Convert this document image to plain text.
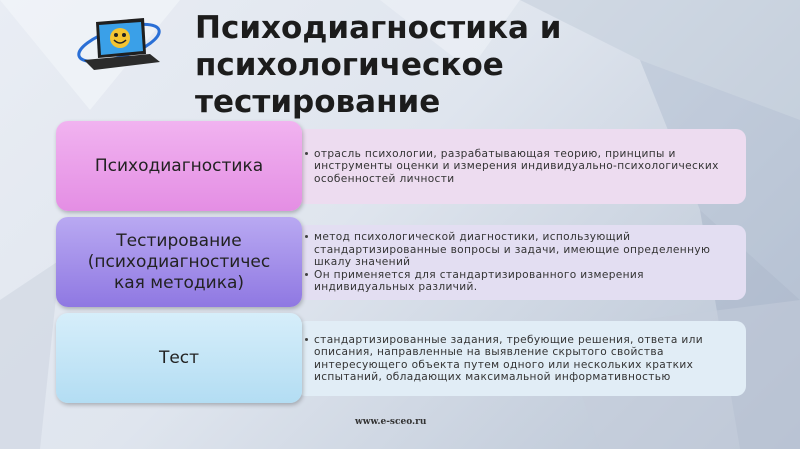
Психодиагностика и
психологическое
тестирование
отрасль психологии, разрабатывающая теорию, принципы и инструменты оценки и измерения индивидуально-психологических особенностей личности
Психодиагностика
метод психологической диагностики, использующий стандартизированные вопросы и задачи, имеющие определенную шкалу значений
Он применяется для стандартизированного измерения индивидуальных различий.
Тестирование
(психодиагностичес
кая методика)
стандартизированные задания, требующие решения, ответа или описания, направленные на выявление скрытого свойства интересующего объекта путем одного или нескольких кратких испытаний, обладающих максимальной информативностью
Тест
www.e-sceo.ru
